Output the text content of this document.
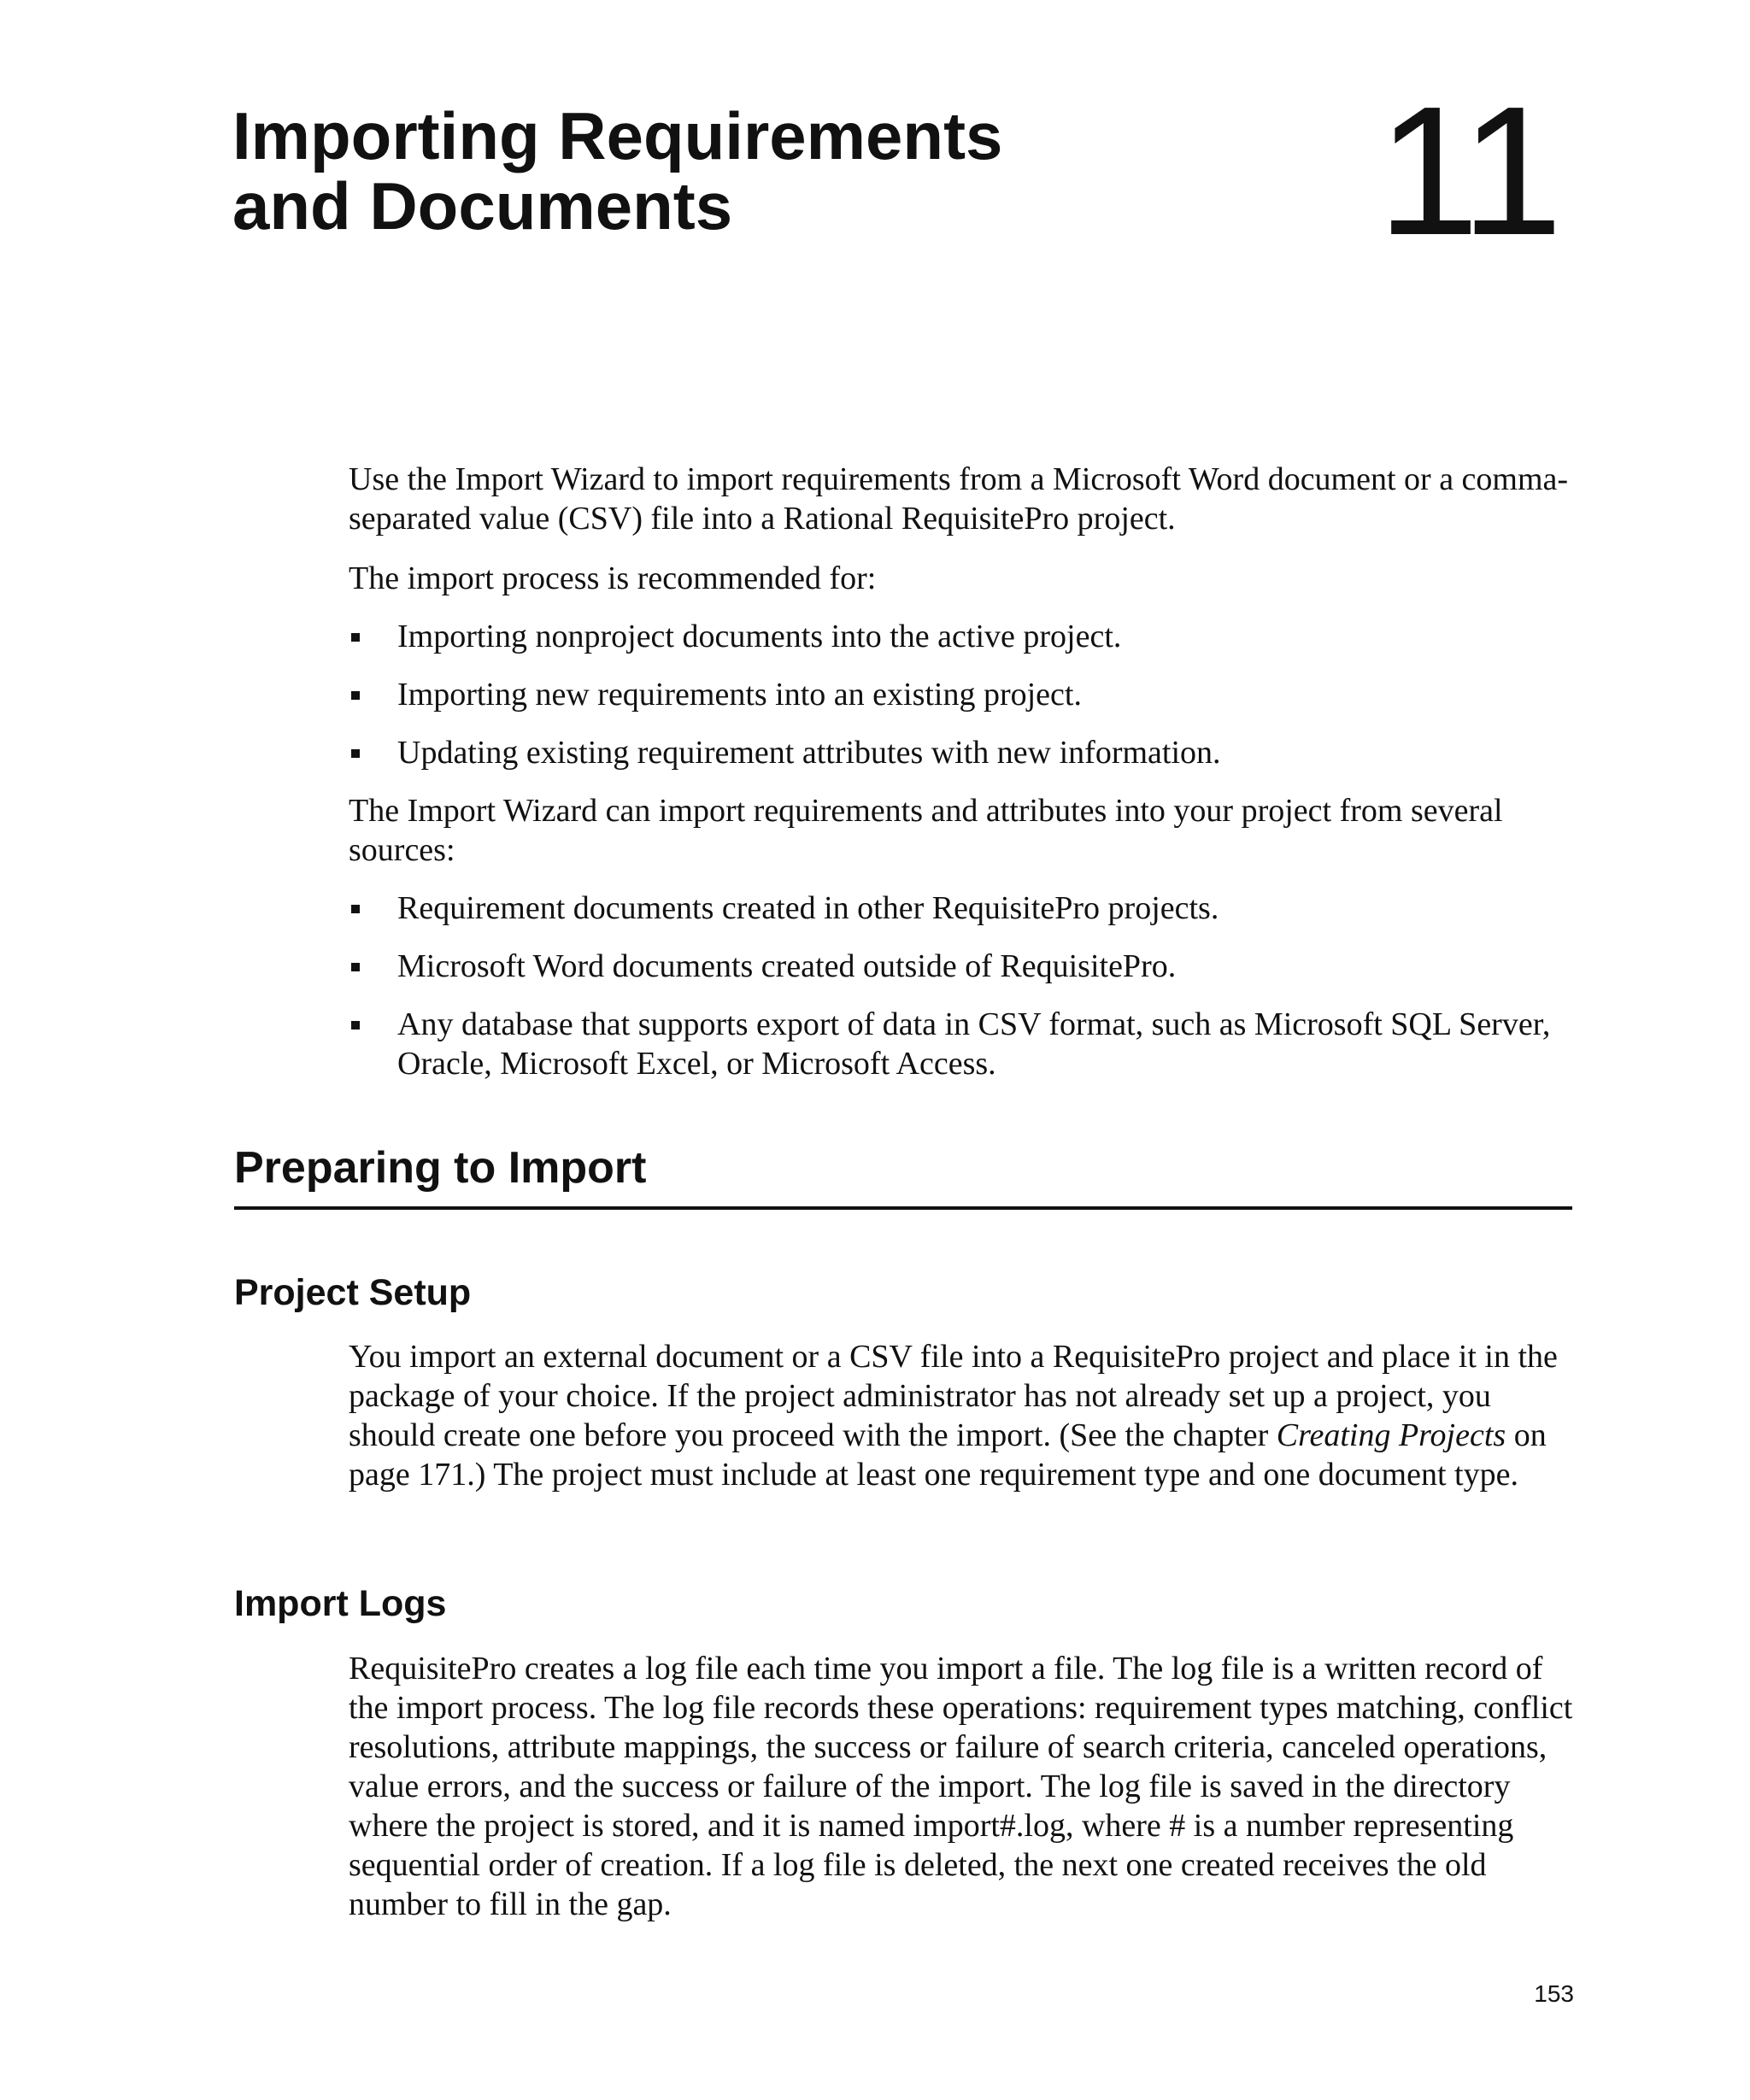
Importing Requirements
and Documents	11

Use the Import Wizard to import requirements from a Microsoft Word document or a comma-separated value (CSV) file into a Rational RequisitePro project.

The import process is recommended for:

Importing nonproject documents into the active project.
Importing new requirements into an existing project.
Updating existing requirement attributes with new information.

The Import Wizard can import requirements and attributes into your project from several sources:

Requirement documents created in other RequisitePro projects.
Microsoft Word documents created outside of RequisitePro.
Any database that supports export of data in CSV format, such as Microsoft SQL Server, Oracle, Microsoft Excel, or Microsoft Access.
Preparing to Import
Project Setup

You import an external document or a CSV file into a RequisitePro project and place it in the package of your choice. If the project administrator has not already set up a project, you should create one before you proceed with the import. (See the chapter Creating Projects on page 171.) The project must include at least one requirement type and one document type.

Import Logs

RequisitePro creates a log file each time you import a file. The log file is a written record of the import process. The log file records these operations: requirement types matching, conflict resolutions, attribute mappings, the success or failure of search criteria, canceled operations, value errors, and the success or failure of the import. The log file is saved in the directory where the project is stored, and it is named import#.log, where # is a number representing sequential order of creation. If a log file is deleted, the next one created receives the old number to fill in the gap.

153
